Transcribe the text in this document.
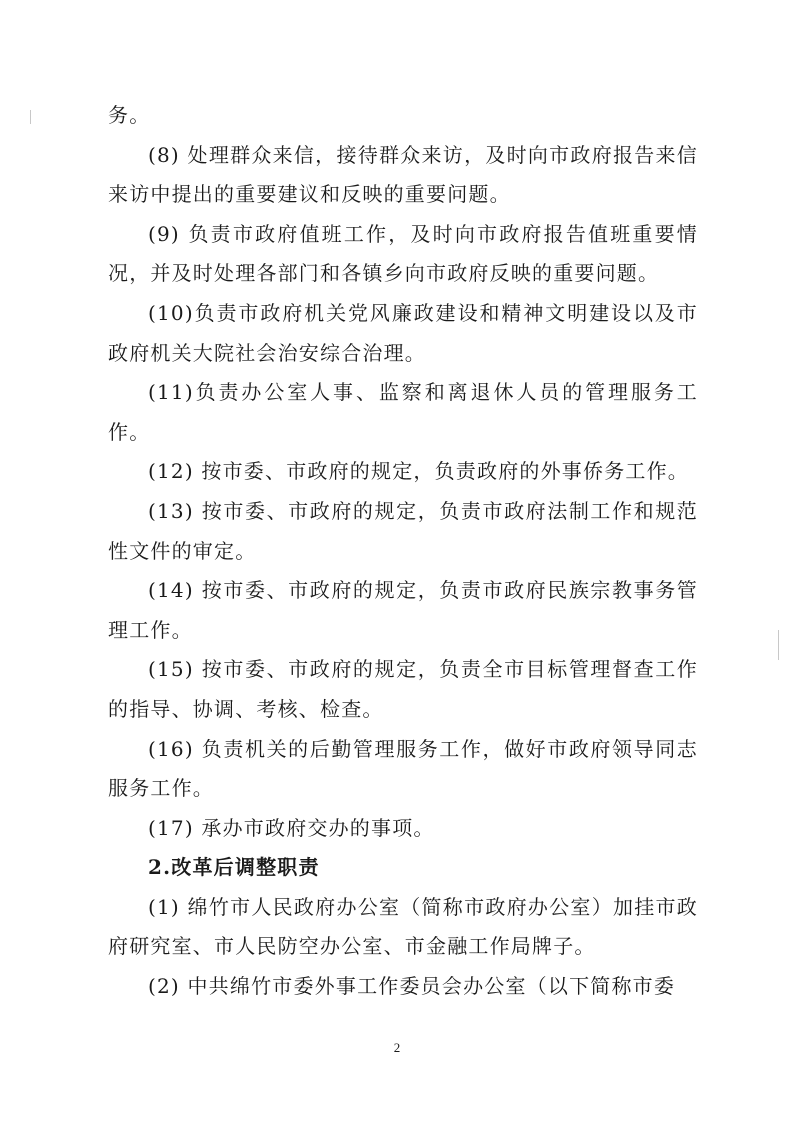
务。

(8) 处理群众来信，接待群众来访，及时向市政府报告来信来访中提出的重要建议和反映的重要问题。

(9) 负责市政府值班工作，及时向市政府报告值班重要情况，并及时处理各部门和各镇乡向市政府反映的重要问题。

(10)负责市政府机关党风廉政建设和精神文明建设以及市政府机关大院社会治安综合治理。

(11)负责办公室人事、监察和离退休人员的管理服务工作。

(12) 按市委、市政府的规定，负责政府的外事侨务工作。

(13) 按市委、市政府的规定，负责市政府法制工作和规范性文件的审定。

(14) 按市委、市政府的规定，负责市政府民族宗教事务管理工作。

(15) 按市委、市政府的规定，负责全市目标管理督查工作的指导、协调、考核、检查。

(16) 负责机关的后勤管理服务工作，做好市政府领导同志服务工作。

(17) 承办市政府交办的事项。

2.改革后调整职责

(1) 绵竹市人民政府办公室（简称市政府办公室）加挂市政府研究室、市人民防空办公室、市金融工作局牌子。

(2) 中共绵竹市委外事工作委员会办公室（以下简称市委

2
